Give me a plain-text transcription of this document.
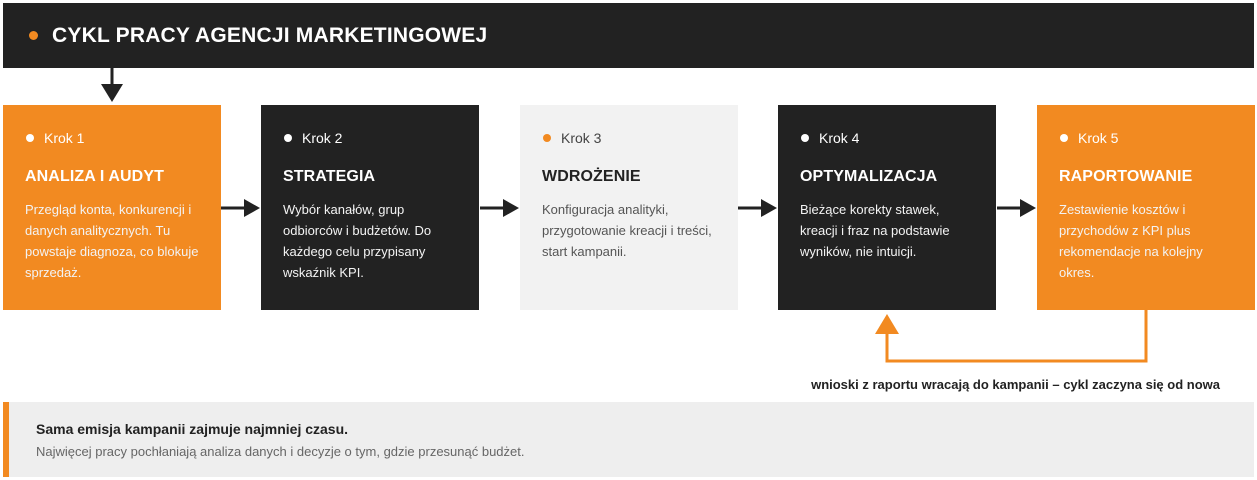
CYKL PRACY AGENCJI MARKETINGOWEJ
Krok 1
ANALIZA I AUDYT
Przegląd konta, konkurencji i danych analitycznych. Tu powstaje diagnoza, co blokuje sprzedaż.
Krok 2
STRATEGIA
Wybór kanałów, grup odbiorców i budżetów. Do każdego celu przypisany wskaźnik KPI.
Krok 3
WDROŻENIE
Konfiguracja analityki, przygotowanie kreacji i treści, start kampanii.
Krok 4
OPTYMALIZACJA
Bieżące korekty stawek, kreacji i fraz na podstawie wyników, nie intuicji.
Krok 5
RAPORTOWANIE
Zestawienie kosztów i przychodów z KPI plus rekomendacje na kolejny okres.
wnioski z raportu wracają do kampanii – cykl zaczyna się od nowa
Sama emisja kampanii zajmuje najmniej czasu.
Najwięcej pracy pochłaniają analiza danych i decyzje o tym, gdzie przesunąć budżet.
